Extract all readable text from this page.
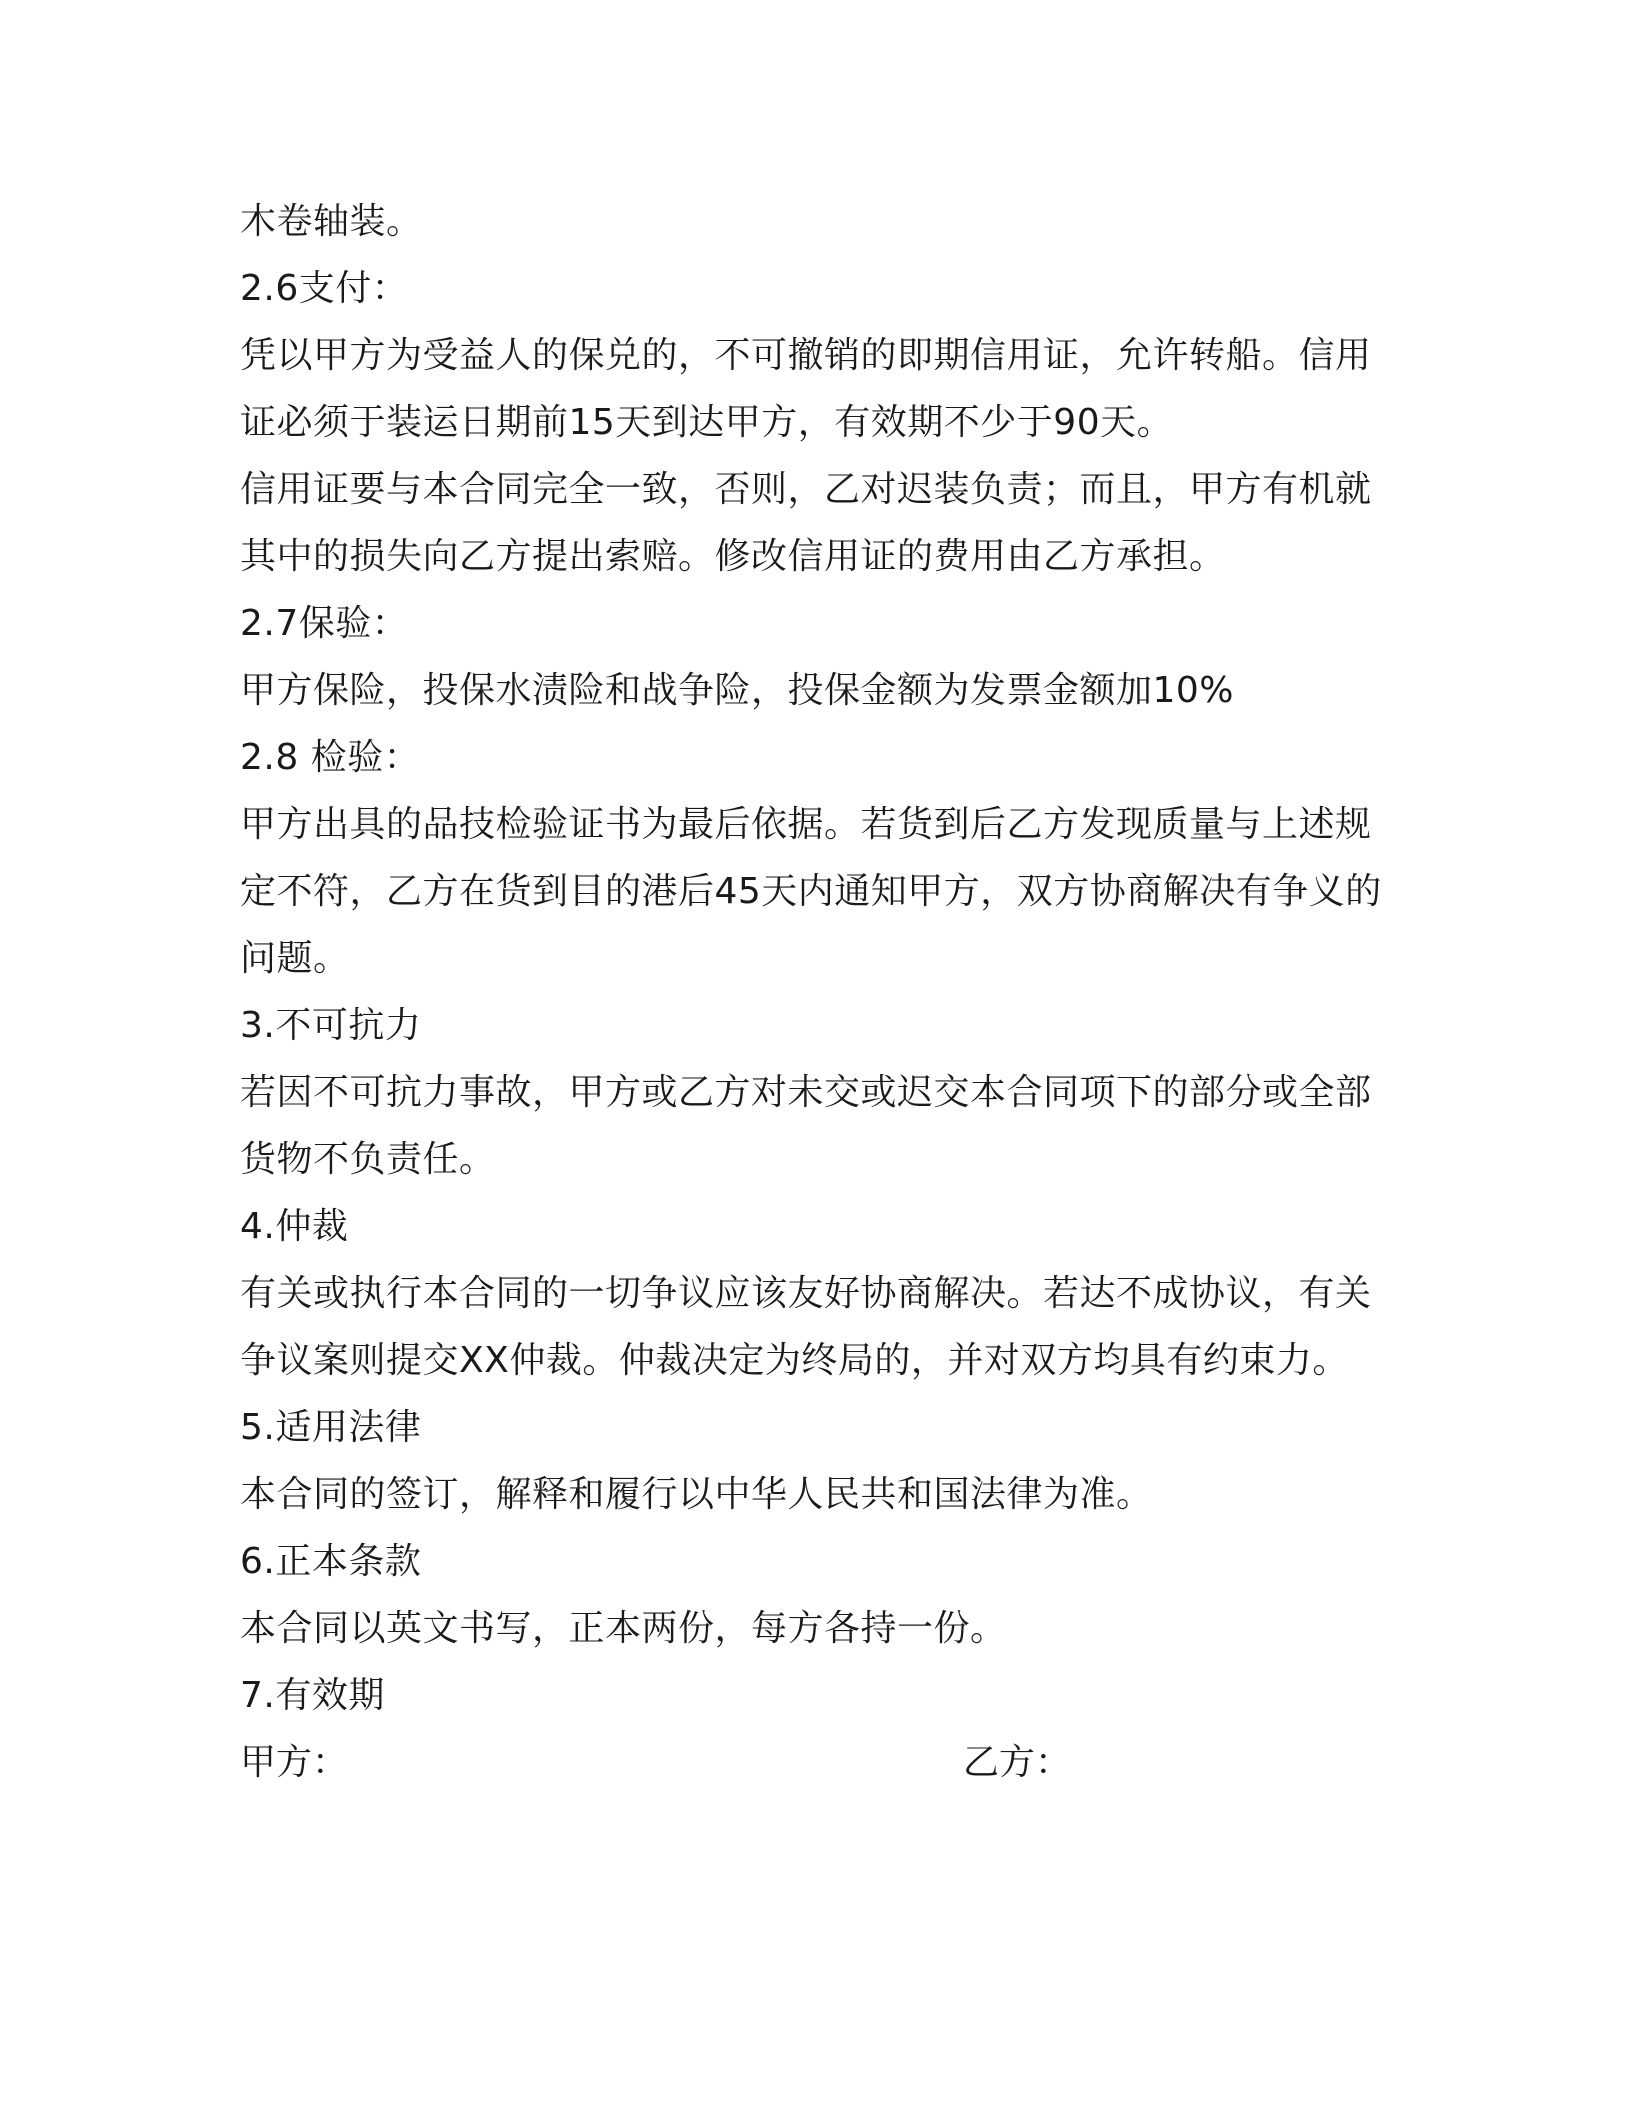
木卷轴装。
2.6支付：
凭以甲方为受益人的保兑的，不可撤销的即期信用证，允许转船。信用
证必须于装运日期前15天到达甲方，有效期不少于90天。
信用证要与本合同完全一致，否则，乙对迟装负责；而且，甲方有机就
其中的损失向乙方提出索赔。修改信用证的费用由乙方承担。
2.7保验：
甲方保险，投保水渍险和战争险，投保金额为发票金额加10%
2.8 检验：
甲方出具的品技检验证书为最后依据。若货到后乙方发现质量与上述规
定不符，乙方在货到目的港后45天内通知甲方，双方协商解决有争义的
问题。
3.不可抗力
若因不可抗力事故，甲方或乙方对未交或迟交本合同项下的部分或全部
货物不负责任。
4.仲裁
有关或执行本合同的一切争议应该友好协商解决。若达不成协议，有关
争议案则提交XX仲裁。仲裁决定为终局的，并对双方均具有约束力。
5.适用法律
本合同的签订，解释和履行以中华人民共和国法律为准。
6.正本条款
本合同以英文书写，正本两份，每方各持一份。
7.有效期
甲方：	乙方：
